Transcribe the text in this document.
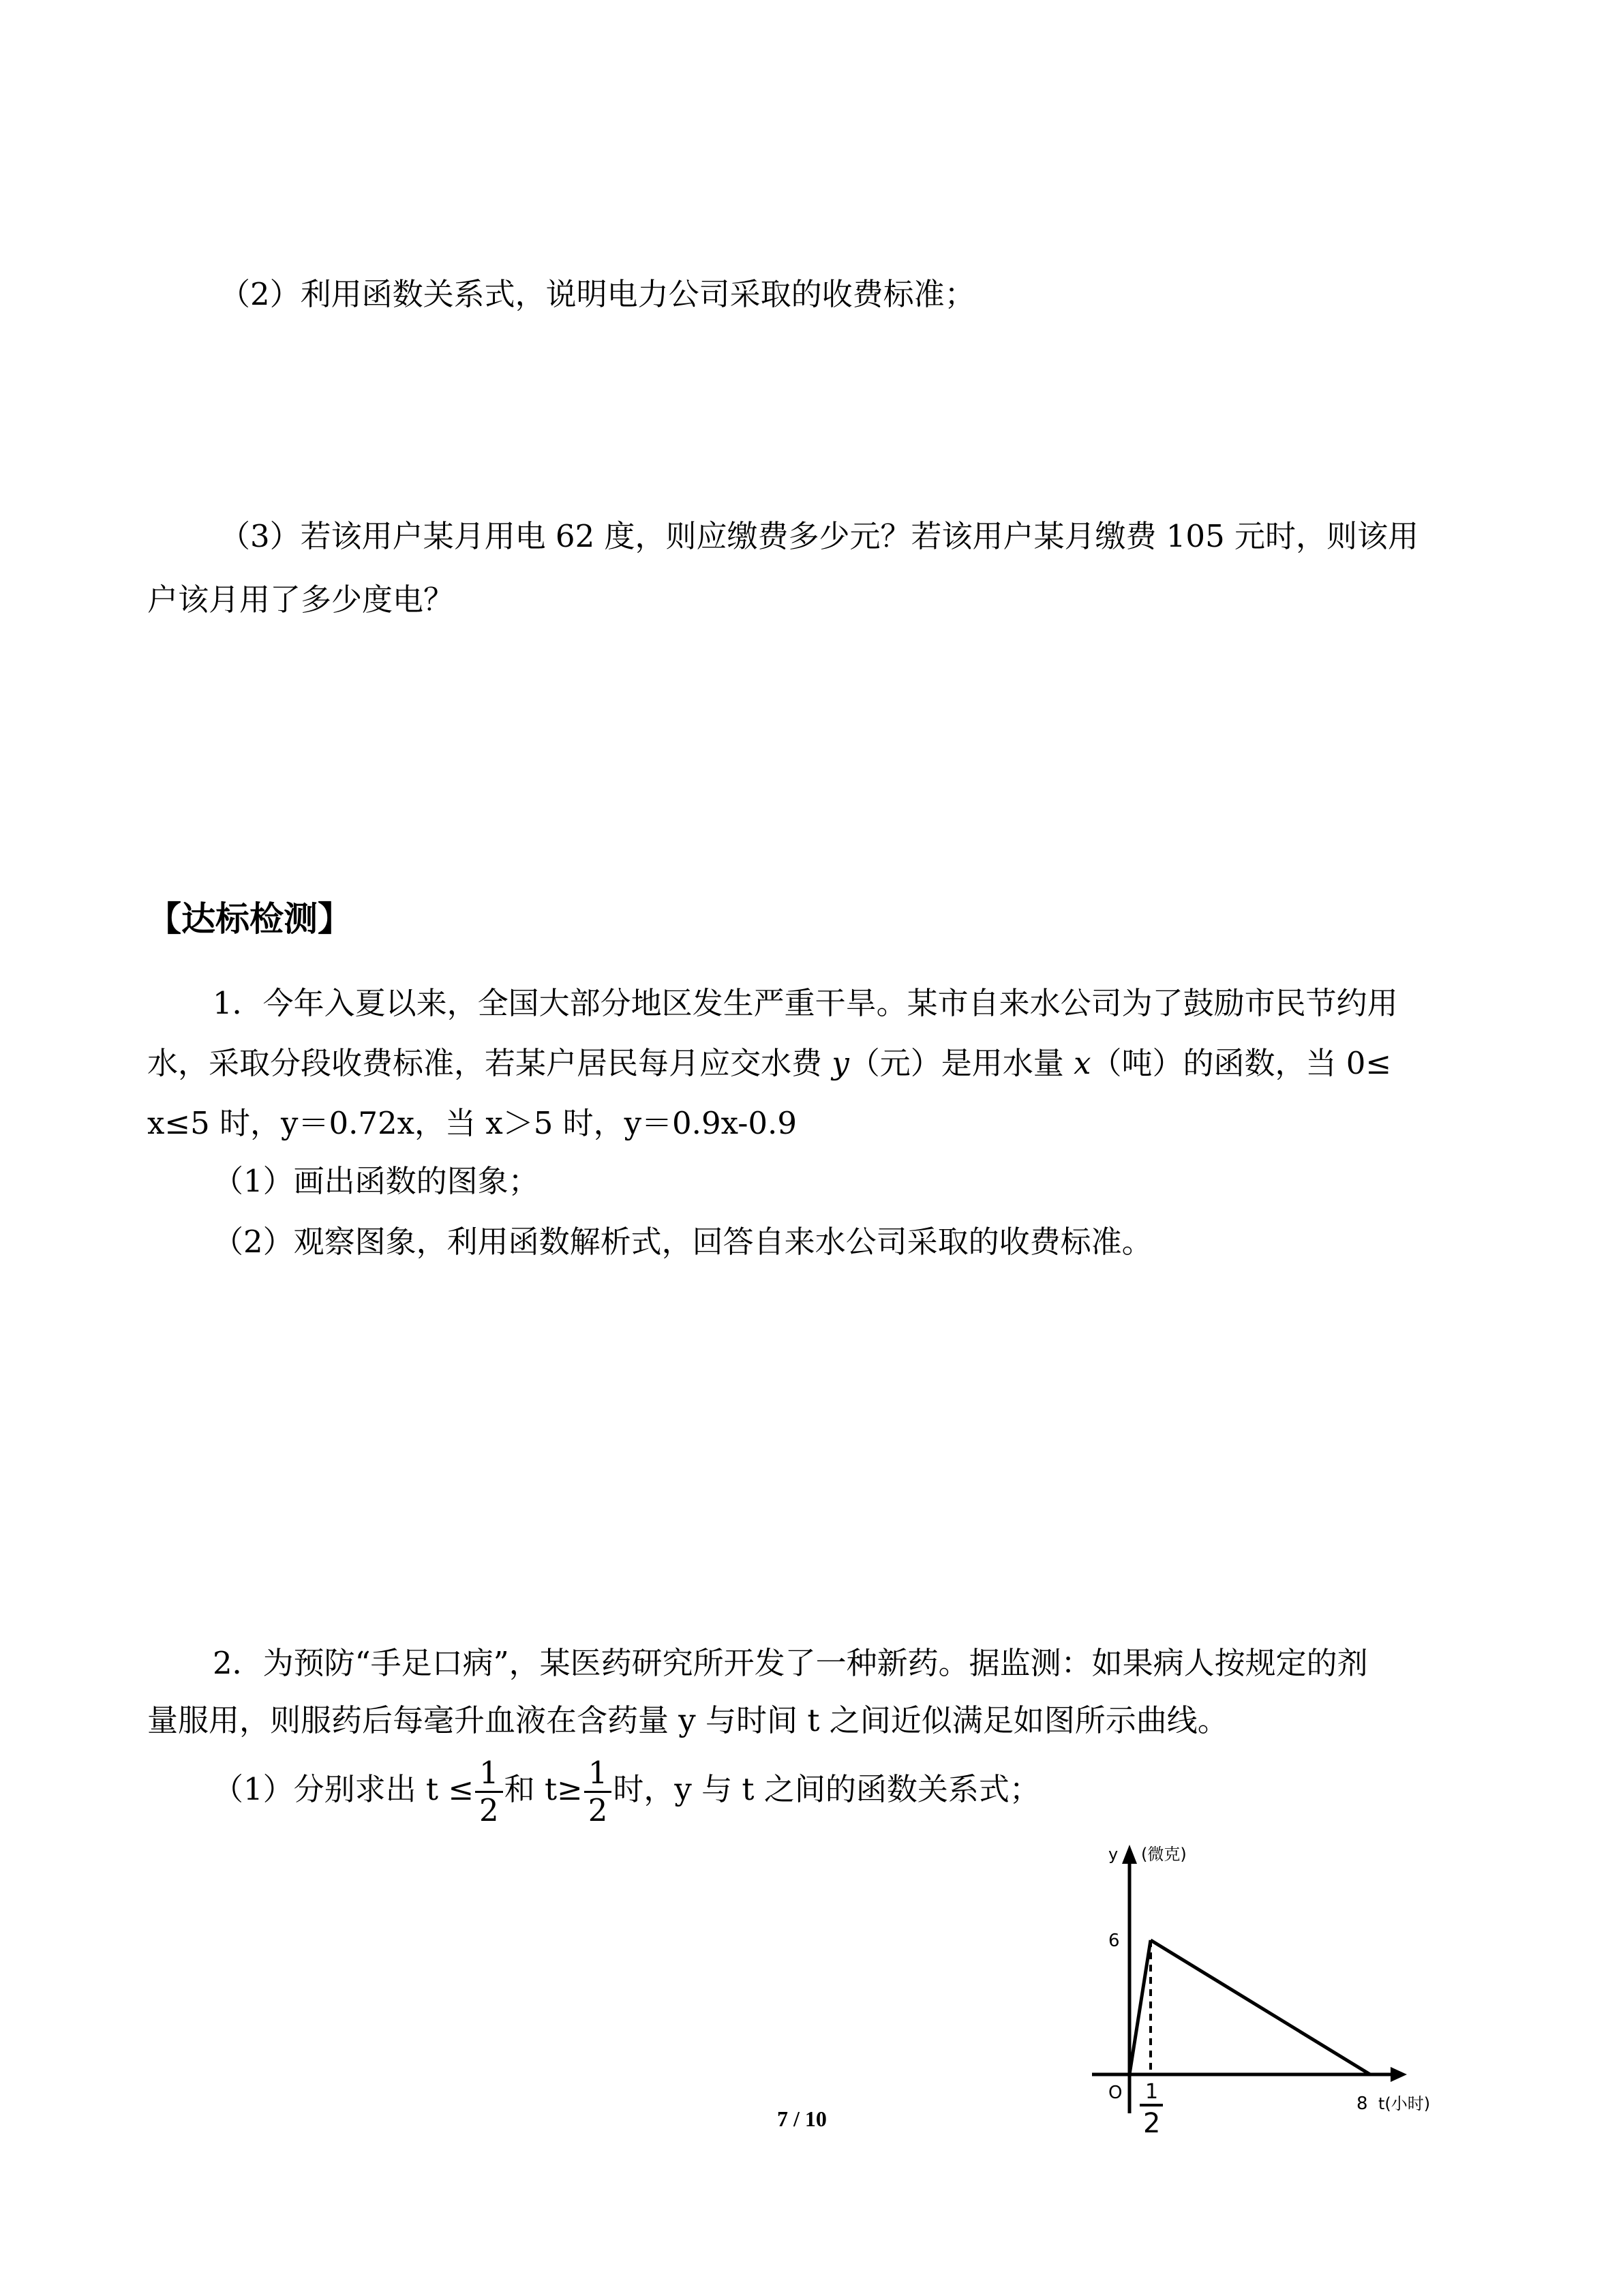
（2）利用函数关系式，说明电力公司采取的收费标准；
（3）若该用户某月用电 62 度，则应缴费多少元？若该用户某月缴费 105 元时，则该用
户该月用了多少度电？
【达标检测】
1．今年入夏以来，全国大部分地区发生严重干旱。某市自来水公司为了鼓励市民节约用
水，采取分段收费标准，若某户居民每月应交水费 y（元）是用水量 x（吨）的函数，当 0≤
x≤5 时，y＝0.72x，当 x＞5 时，y＝0.9x-0.9
（1）画出函数的图象；
（2）观察图象，利用函数解析式，回答自来水公司采取的收费标准。
2．为预防“手足口病”，某医药研究所开发了一种新药。据监测：如果病人按规定的剂
量服用，则服药后每毫升血液在含药量 y 与时间 t 之间近似满足如图所示曲线。
（1）分别求出 $t \le \frac{1}{2}$ 和 $t\ge \frac{1}{2}$ 时，y 与 t 之间的函数关系式；
y (微克)
6
O 1
2
8 t(小时)
7 / 10
